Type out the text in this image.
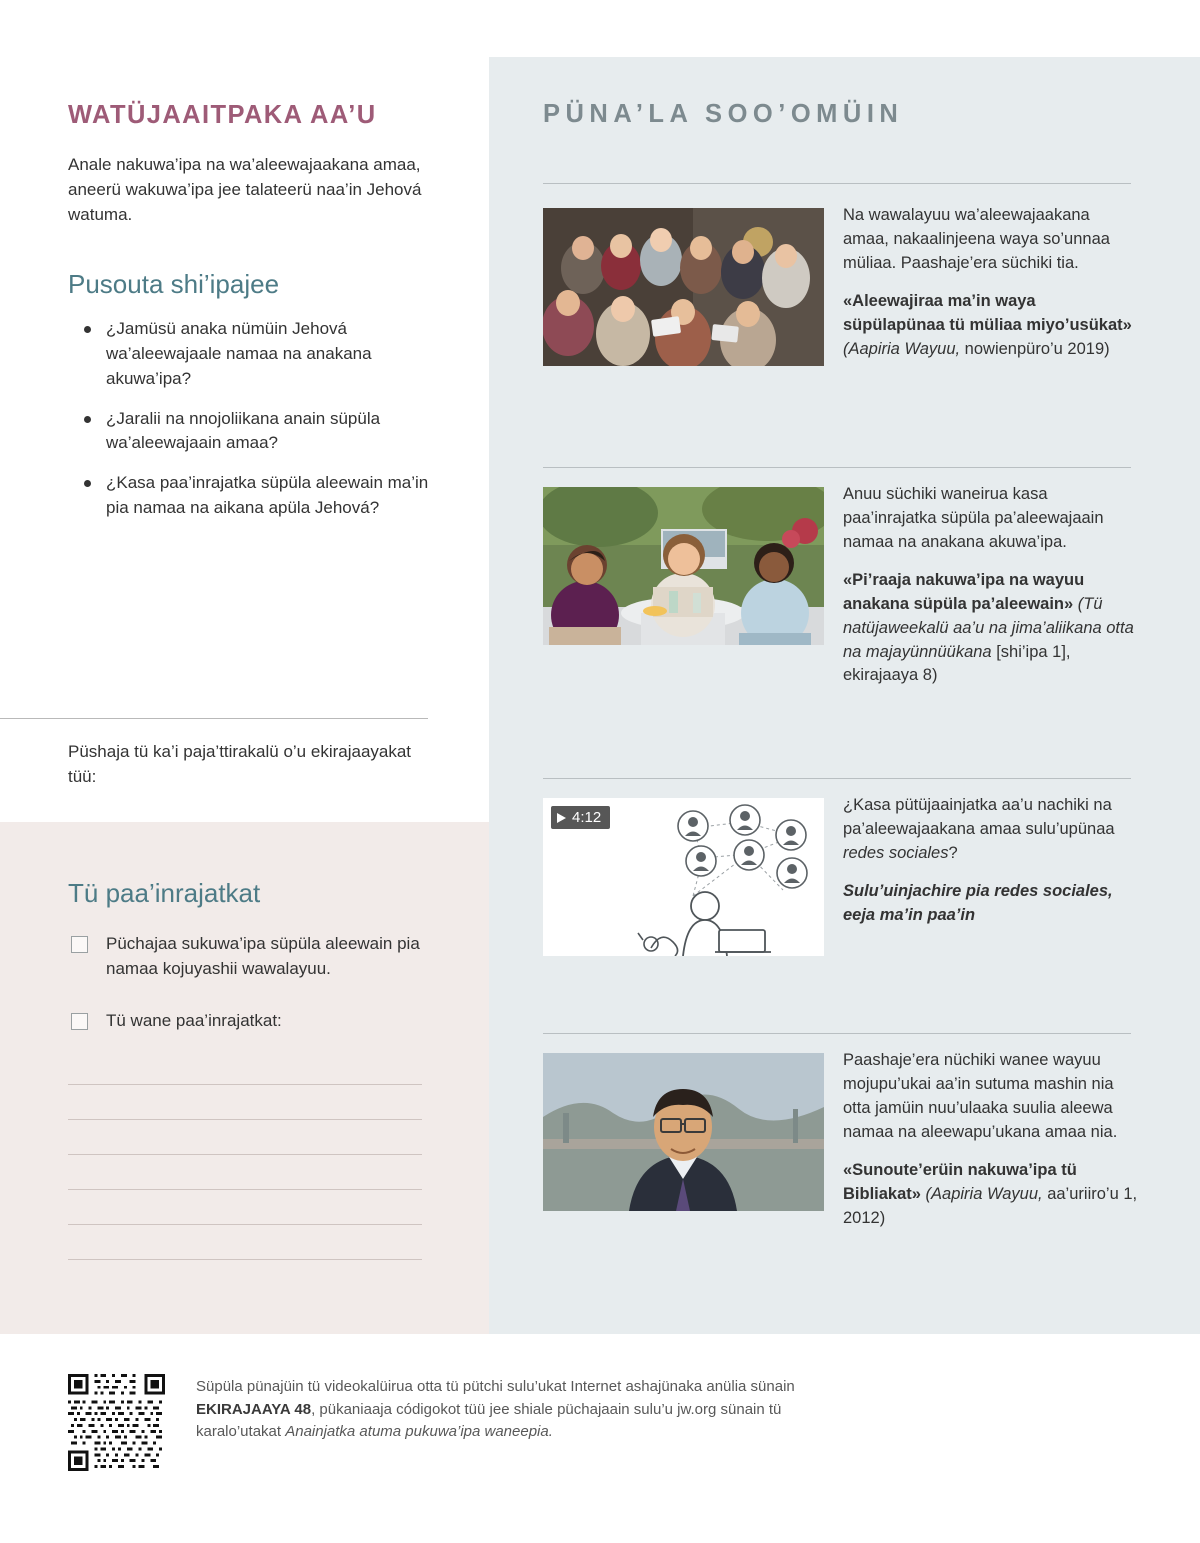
WATÜJAAITPAKA AA’U

Anale nakuwa’ipa na wa’aleewajaakana amaa, aneerü wakuwa’ipa jee talateerü naa’in Jehová watuma.

Pusouta shi’ipajee
¿Jamüsü anaka nümüin Jehová wa’aleewajaale namaa na anakana akuwa’ipa?
¿Jaralii na nnojoliikana anain süpüla wa’aleewajaain amaa?
¿Kasa paa’inrajatka süpüla aleewain ma’in pia namaa na aikana apüla Jehová?
Püshaja tü ka’i paja’ttirakalü o’u ekirajaayakat tüü:
Tü paa’inrajatkat
Püchajaa sukuwa’ipa süpüla aleewain pia namaa kojuyashii wawalayuu.
Tü wane paa’inrajatkat:
PÜNA’LA SOO’OMÜIN

Na wawalayuu wa’aleewajaakana amaa, nakaalinjeena waya so’unnaa müliaa. Paashaje’era süchiki tia.

«Aleewajiraa ma’in waya süpülapünaa tü müliaa miyo’usükat» (Aapiria Wayuu, nowienpüro’u 2019)

Anuu süchiki waneirua kasa paa’inrajatka süpüla pa’aleewajaain namaa na anakana akuwa’ipa.

«Pi’raaja nakuwa’ipa na wayuu anakana süpüla pa’aleewain» (Tü natüjaweekalü aa’u na jima’aliikana otta na majayünnüükana [shi’ipa 1], ekirajaaya 8)

4:12

¿Kasa pütüjaainjatka aa’u nachiki na pa’aleewajaakana amaa sulu’upünaa redes sociales?

Sulu’uinjachire pia redes sociales, eeja ma’in paa’in

Paashaje’era nüchiki wanee wayuu mojupu’ukai aa’in sutuma mashin nia otta jamüin nuu’ulaaka suulia aleewa namaa na aleewapu’ukana amaa nia.

«Sunoute’erüin nakuwa’ipa tü Bibliakat» (Aapiria Wayuu, aa’uriiro’u 1, 2012)

Süpüla pünajüin tü videokalüirua otta tü pütchi sulu’ukat Internet ashajünaka anülia sünain EKIRAJAAYA 48, pükaniaaja códigokot tüü jee shiale püchajaain sulu’u jw.org sünain tü karalo’utakat Anainjatka atuma pukuwa’ipa waneepia.
